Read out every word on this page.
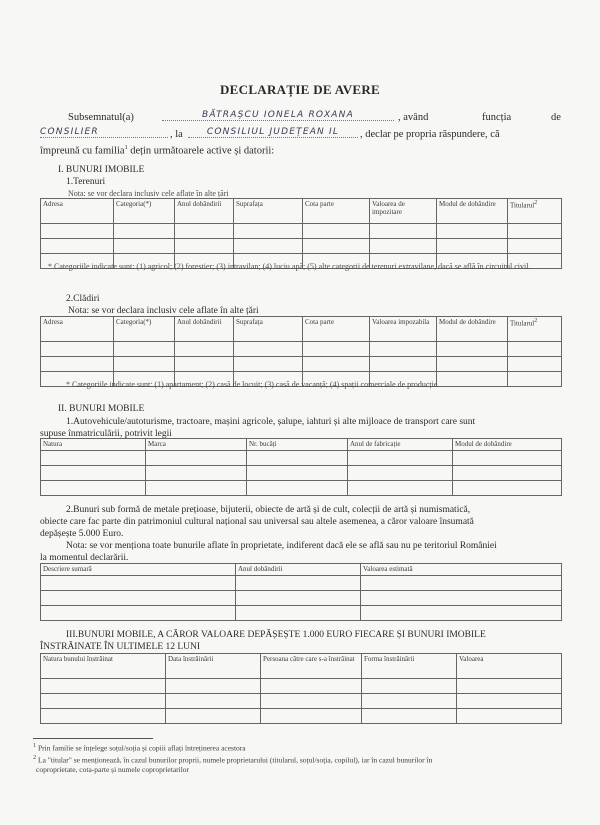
DECLARAȚIE DE AVERE
Subsemnatul(a)	BĂTRAȘCU IONELA ROXANA	, având	funcția	de
CONSILIER	, la	CONSILIUL JUDEȚEAN IL	, declar pe propria răspundere, că
împreună cu familia$^1$ dețin următoarele active și datorii:
I. BUNURI IMOBILE
1.Terenuri
Nota: se vor declara inclusiv cele aflate în alte țări
Adresa	Categoria(*)	Anul dobândirii	Suprafața	Cota parte	Valoarea de impozitare	Modul de dobândire	Titularul$^2$

* Categoriile indicate sunt: (1) agricol; (2) forestier; (3) intravilan; (4) luciu apă; (5) alte categorii de terenuri extravilane, dacă se află în circuitul civil.
2.Clădiri
Nota: se vor declara inclusiv cele aflate în alte țări
Adresa	Categoria(*)	Anul dobândirii	Suprafața	Cota parte	Valoarea impozabila	Modul de dobândire	Titularul$^2$

* Categoriile indicate sunt: (1) apartament; (2) casă de locuit; (3) casă de vacanță; (4) spații comerciale de producție.
II. BUNURI MOBILE
1.Autovehicule/autoturisme, tractoare, mașini agricole, șalupe, iahturi și alte mijloace de transport care sunt
supuse înmatriculării, potrivit legii
Natura	Marca	Nr. bucăți	Anul de fabricație	Modul de dobândire

2.Bunuri sub formă de metale prețioase, bijuterii, obiecte de artă și de cult, colecții de artă și numismatică,
obiecte care fac parte din patrimoniul cultural național sau universal sau altele asemenea, a căror valoare însumată
depășește 5.000 Euro.
Nota: se vor menționa toate bunurile aflate în proprietate, indiferent dacă ele se află sau nu pe teritoriul României
la momentul declarării.
Descriere sumară	Anul dobândirii	Valoarea estimată

III.BUNURI MOBILE, A CĂROR VALOARE DEPĂȘEȘTE 1.000 EURO FIECARE ȘI BUNURI IMOBILE
ÎNSTRĂINATE ÎN ULTIMELE 12 LUNI
Natura bunului înstrăinat	Data înstrăinării	Persoana către care s-a înstrăinat	Forma înstrăinării	Valoarea

$^1$ Prin familie se înțelege soțul/soția și copiii aflați întreținerea acestora
$^2$ La "titular" se menționează, în cazul bunurilor proprii, numele proprietarului (titularul, soțul/soția, copilul), iar în cazul bunurilor în
coproprietate, cota-parte și numele coproprietarilor
